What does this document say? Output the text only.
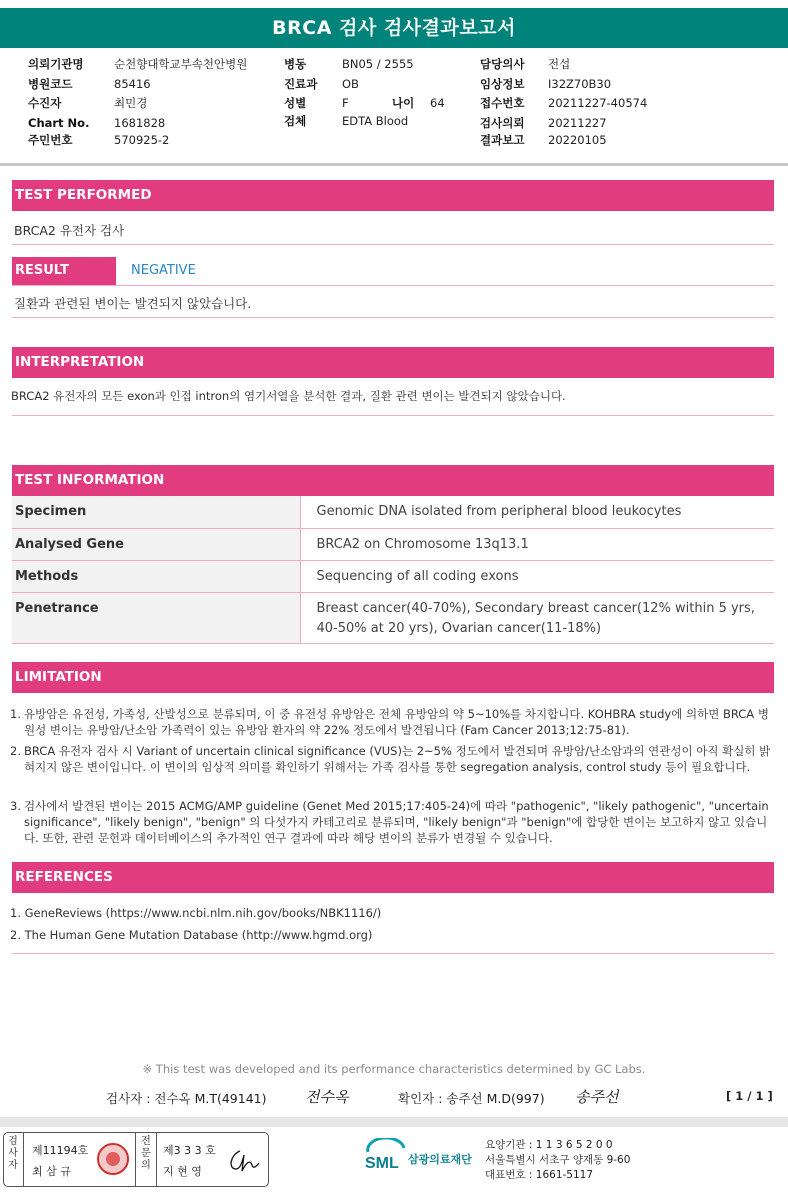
BRCA 검사 검사결과보고서
의뢰기관명	순천향대학교부속천안병원
병원코드	85416
수진자	최민경
Chart No. 1681828
주민번호	570925-2
병동	BN05 / 2555
진료과 OB
성별	F	나이 64
검체	EDTA Blood
담당의사 전섭
임상정보 I32Z70B30
접수번호 20211227-40574
검사의뢰 20211227
결과보고 20220105
TEST PERFORMED
BRCA2 유전자 검사
RESULT	NEGATIVE
질환과 관련된 변이는 발견되지 않았습니다.
INTERPRETATION
BRCA2 유전자의 모든 exon과 인접 intron의 염기서열을 분석한 결과, 질환 관련 변이는 발견되지 않았습니다.
TEST INFORMATION
Specimen	Genomic DNA isolated from peripheral blood leukocytes
Analysed Gene	BRCA2 on Chromosome 13q13.1
Methods	Sequencing of all coding exons
Penetrance	Breast cancer(40-70%), Secondary breast cancer(12% within 5 yrs, 40-50% at 20 yrs), Ovarian cancer(11-18%)
LIMITATION
1. 유방암은 유전성, 가족성, 산발성으로 분류되며, 이 중 유전성 유방암은 전체 유방암의 약 5~10%를 차지합니다. KOHBRA study에 의하면 BRCA 병원성 변이는 유방암/난소암 가족력이 있는 유방암 환자의 약 22% 정도에서 발견됩니다 (Fam Cancer 2013;12:75-81).
2. BRCA 유전자 검사 시 Variant of uncertain clinical significance (VUS)는 2~5% 정도에서 발견되며 유방암/난소암과의 연관성이 아직 확실히 밝혀지지 않은 변이입니다. 이 변이의 임상적 의미를 확인하기 위해서는 가족 검사를 통한 segregation analysis, control study 등이 필요합니다.
3. 검사에서 발견된 변이는 2015 ACMG/AMP guideline (Genet Med 2015;17:405-24)에 따라 "pathogenic", "likely pathogenic", "uncertain significance", "likely benign", "benign" 의 다섯가지 카테고리로 분류되며, "likely benign"과 "benign"에 합당한 변이는 보고하지 않고 있습니다. 또한, 관련 문헌과 데이터베이스의 추가적인 연구 결과에 따라 해당 변이의 분류가 변경될 수 있습니다.
REFERENCES
1. GeneReviews (https://www.ncbi.nlm.nih.gov/books/NBK1116/)
2. The Human Gene Mutation Database (http://www.hgmd.org)
※ This test was developed and its performance characteristics determined by GC Labs.
검사자 : 전수옥 M.T(49141)	전수옥	확인자 : 송주선 M.D(997) 송주선	[ 1 / 1 ]
검
사
자
제11194호
최 삼 규
전
문
의
제3 3 3 호
지 현 영	SML 삼광의료재단
요양기관 : 1 1 3 6 5 2 0 0
서울특별시 서초구 양재동 9-60
대표번호 : 1661-5117
